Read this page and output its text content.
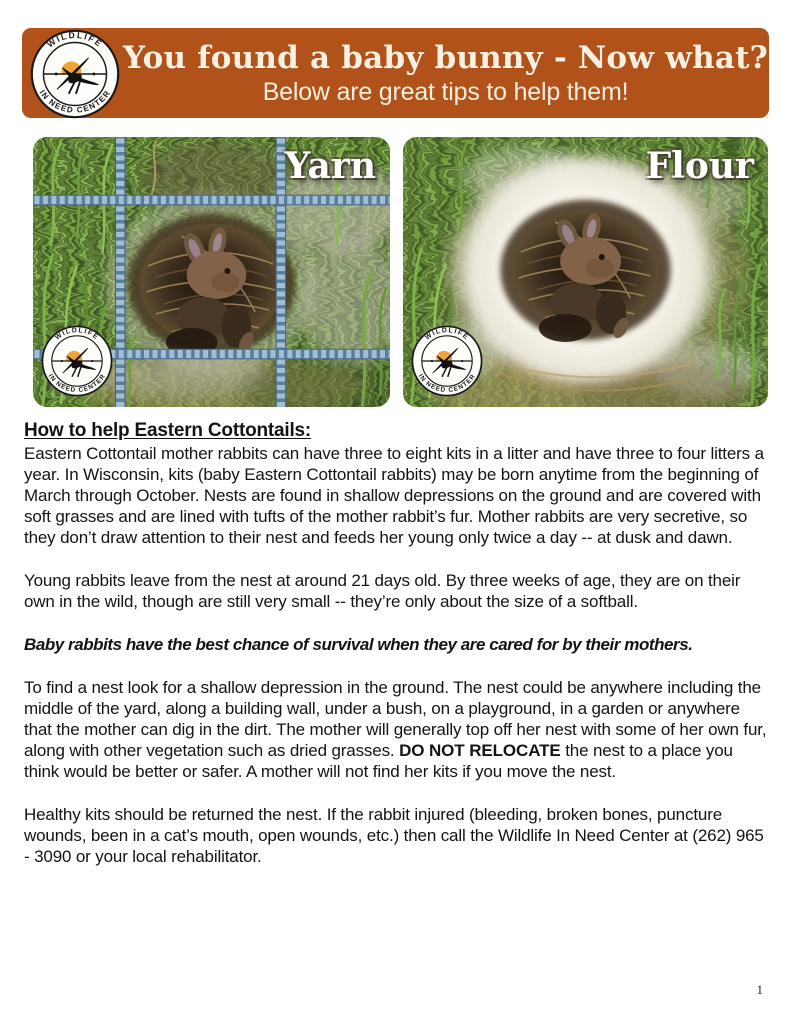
You found a baby bunny - Now what?
Below are great tips to help them!
Yarn	Flour
How to help Eastern Cottontails:

Eastern Cottontail mother rabbits can have three to eight kits in a litter and have three to four litters a year. In Wisconsin, kits (baby Eastern Cottontail rabbits) may be born anytime from the beginning of March through October. Nests are found in shallow depressions on the ground and are covered with soft grasses and are lined with tufts of the mother rabbit’s fur. Mother rabbits are very secretive, so they don’t draw attention to their nest and feeds her young only twice a day -- at dusk and dawn.

Young rabbits leave from the nest at around 21 days old. By three weeks of age, they are on their own in the wild, though are still very small -- they’re only about the size of a softball.

Baby rabbits have the best chance of survival when they are cared for by their mothers.

To find a nest look for a shallow depression in the ground. The nest could be anywhere including the middle of the yard, along a building wall, under a bush, on a playground, in a garden or anywhere that the mother can dig in the dirt. The mother will generally top off her nest with some of her own fur, along with other vegetation such as dried grasses. DO NOT RELOCATE the nest to a place you think would be better or safer. A mother will not find her kits if you move the nest.

Healthy kits should be returned the nest. If the rabbit injured (bleeding, broken bones, puncture wounds, been in a cat’s mouth, open wounds, etc.) then call the Wildlife In Need Center at (262) 965 - 3090 or your local rehabilitator.

1
